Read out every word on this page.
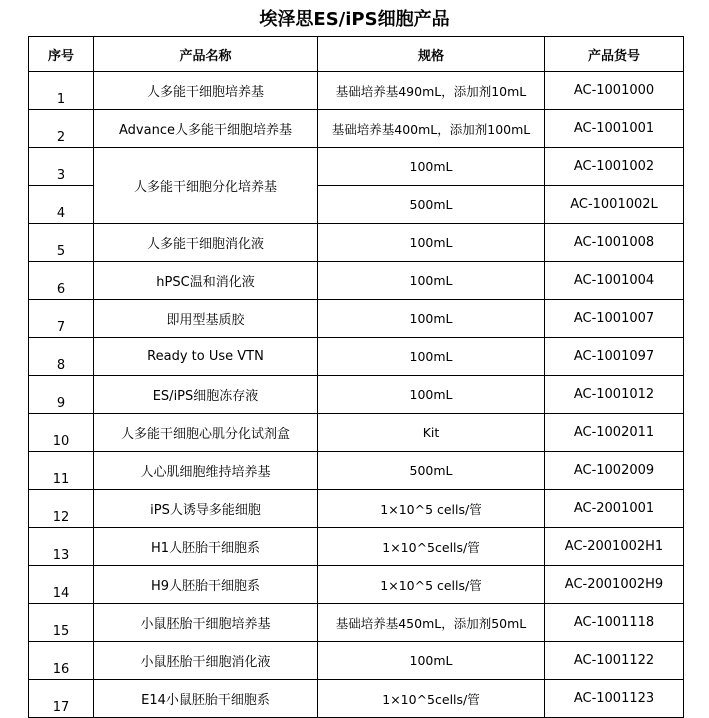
埃泽思ES/iPS细胞产品
序号	产品名称	规格	产品货号
1	人多能干细胞培养基	基础培养基490mL，添加剂10mL	AC-1001000
2	Advance人多能干细胞培养基	基础培养基400mL，添加剂100mL	AC-1001001
3	人多能干细胞分化培养基	100mL	AC-1001002
4		500mL	AC-1001002L
5	人多能干细胞消化液	100mL	AC-1001008
6	hPSC温和消化液	100mL	AC-1001004
7	即用型基质胶	100mL	AC-1001007
8	Ready to Use VTN	100mL	AC-1001097
9	ES/iPS细胞冻存液	100mL	AC-1001012
10	人多能干细胞心肌分化试剂盒	Kit	AC-1002011
11	人心肌细胞维持培养基	500mL	AC-1002009
12	iPS人诱导多能细胞	1×10^5 cells/管	AC-2001001
13	H1人胚胎干细胞系	1×10^5cells/管	AC-2001002H1
14	H9人胚胎干细胞系	1×10^5 cells/管	AC-2001002H9
15	小鼠胚胎干细胞培养基	基础培养基450mL，添加剂50mL	AC-1001118
16	小鼠胚胎干细胞消化液	100mL	AC-1001122
17	E14小鼠胚胎干细胞系	1×10^5cells/管	AC-1001123
